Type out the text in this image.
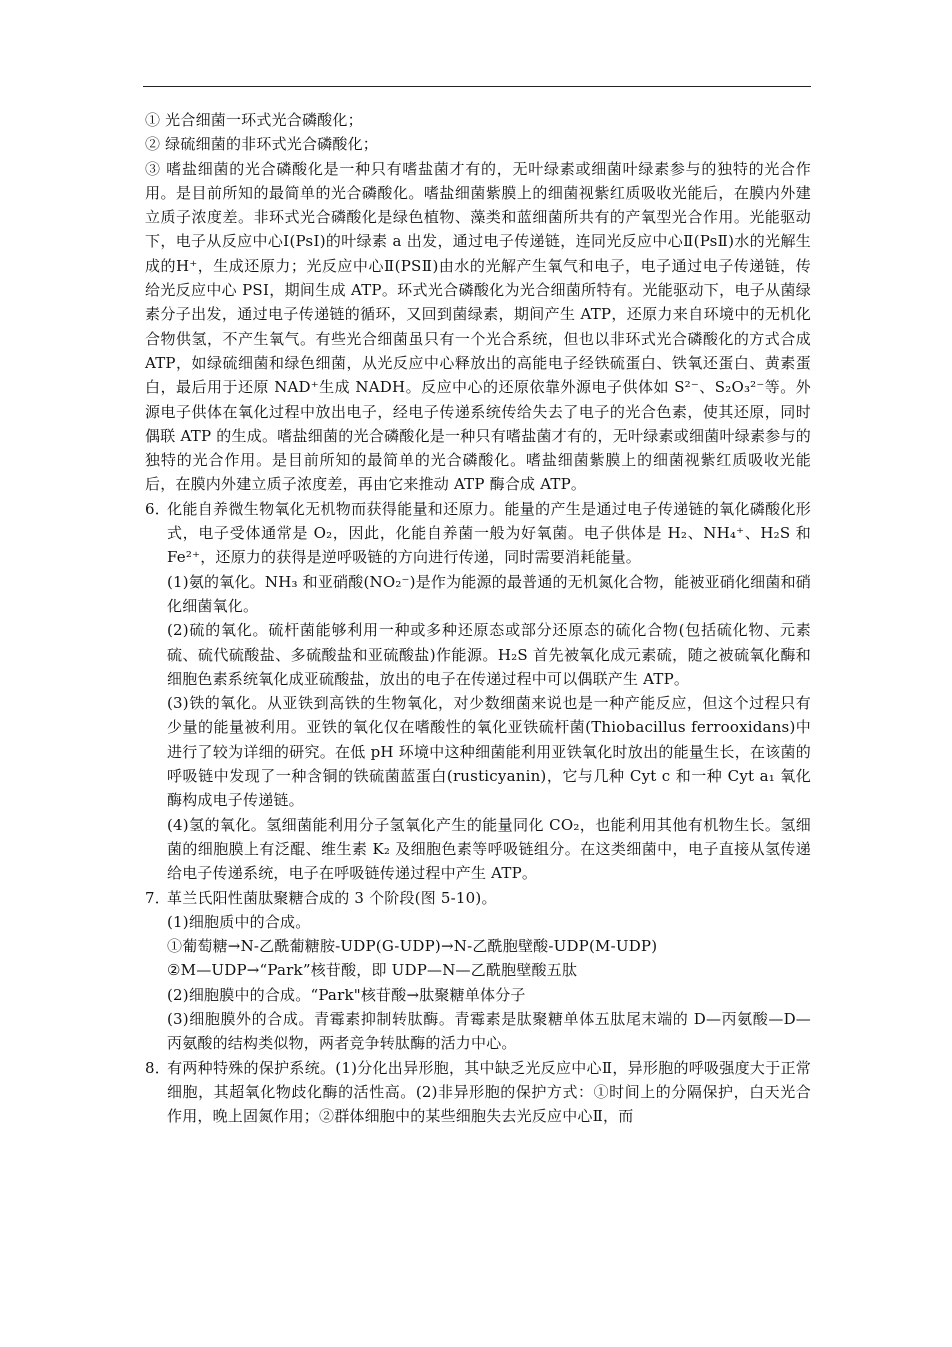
① 光合细菌一环式光合磷酸化；
② 绿硫细菌的非环式光合磷酸化；

③ 嗜盐细菌的光合磷酸化是一种只有嗜盐菌才有的，无叶绿素或细菌叶绿素参与的独特的光合作用。是目前所知的最简单的光合磷酸化。嗜盐细菌紫膜上的细菌视紫红质吸收光能后，在膜内外建立质子浓度差。非环式光合磷酸化是绿色植物、藻类和蓝细菌所共有的产氧型光合作用。光能驱动下，电子从反应中心Ⅰ(PsⅠ)的叶绿素 a 出发，通过电子传递链，连同光反应中心Ⅱ(PsⅡ)水的光解生成的H⁺，生成还原力；光反应中心Ⅱ(PSⅡ)由水的光解产生氧气和电子，电子通过电子传递链，传给光反应中心 PSⅠ，期间生成 ATP。环式光合磷酸化为光合细菌所特有。光能驱动下，电子从菌绿素分子出发，通过电子传递链的循环，又回到菌绿素，期间产生 ATP，还原力来自环境中的无机化合物供氢，不产生氧气。有些光合细菌虽只有一个光合系统，但也以非环式光合磷酸化的方式合成 ATP，如绿硫细菌和绿色细菌，从光反应中心释放出的高能电子经铁硫蛋白、铁氧还蛋白、黄素蛋白，最后用于还原 NAD⁺生成 NADH。反应中心的还原依靠外源电子供体如 S²⁻、S₂O₃²⁻等。外源电子供体在氧化过程中放出电子，经电子传递系统传给失去了电子的光合色素，使其还原，同时偶联 ATP 的生成。嗜盐细菌的光合磷酸化是一种只有嗜盐菌才有的，无叶绿素或细菌叶绿素参与的独特的光合作用。是目前所知的最简单的光合磷酸化。嗜盐细菌紫膜上的细菌视紫红质吸收光能后，在膜内外建立质子浓度差，再由它来推动 ATP 酶合成 ATP。

6．化能自养微生物氧化无机物而获得能量和还原力。能量的产生是通过电子传递链的氧化磷酸化形式，电子受体通常是 O₂，因此，化能自养菌一般为好氧菌。电子供体是 H₂、NH₄⁺、H₂S 和 Fe²⁺，还原力的获得是逆呼吸链的方向进行传递，同时需要消耗能量。

(1)氨的氧化。NH₃ 和亚硝酸(NO₂⁻)是作为能源的最普通的无机氮化合物，能被亚硝化细菌和硝化细菌氧化。

(2)硫的氧化。硫杆菌能够利用一种或多种还原态或部分还原态的硫化合物(包括硫化物、元素硫、硫代硫酸盐、多硫酸盐和亚硫酸盐)作能源。H₂S 首先被氧化成元素硫，随之被硫氧化酶和细胞色素系统氧化成亚硫酸盐，放出的电子在传递过程中可以偶联产生 ATP。

(3)铁的氧化。从亚铁到高铁的生物氧化，对少数细菌来说也是一种产能反应，但这个过程只有少量的能量被利用。亚铁的氧化仅在嗜酸性的氧化亚铁硫杆菌(Thiobacillus ferrooxidans)中进行了较为详细的研究。在低 pH 环境中这种细菌能利用亚铁氧化时放出的能量生长，在该菌的呼吸链中发现了一种含铜的铁硫菌蓝蛋白(rusticyanin)，它与几种 Cyt c 和一种 Cyt a₁ 氧化酶构成电子传递链。

(4)氢的氧化。氢细菌能利用分子氢氧化产生的能量同化 CO₂，也能利用其他有机物生长。氢细菌的细胞膜上有泛醌、维生素 K₂ 及细胞色素等呼吸链组分。在这类细菌中，电子直接从氢传递给电子传递系统，电子在呼吸链传递过程中产生 ATP。

7．革兰氏阳性菌肽聚糖合成的 3 个阶段(图 5-10)。

(1)细胞质中的合成。
①葡萄糖→N-乙酰葡糖胺-UDP(G-UDP)→N-乙酰胞壁酸-UDP(M-UDP)
②M—UDP→“Park”核苷酸，即 UDP—N—乙酰胞壁酸五肽
(2)细胞膜中的合成。“Park"核苷酸→肽聚糖单体分子

(3)细胞膜外的合成。青霉素抑制转肽酶。青霉素是肽聚糖单体五肽尾末端的 D—丙氨酸—D—丙氨酸的结构类似物，两者竞争转肽酶的活力中心。

8．有两种特殊的保护系统。(1)分化出异形胞，其中缺乏光反应中心Ⅱ，异形胞的呼吸强度大于正常细胞，其超氧化物歧化酶的活性高。(2)非异形胞的保护方式：①时间上的分隔保护，白天光合作用，晚上固氮作用；②群体细胞中的某些细胞失去光反应中心Ⅱ，而
